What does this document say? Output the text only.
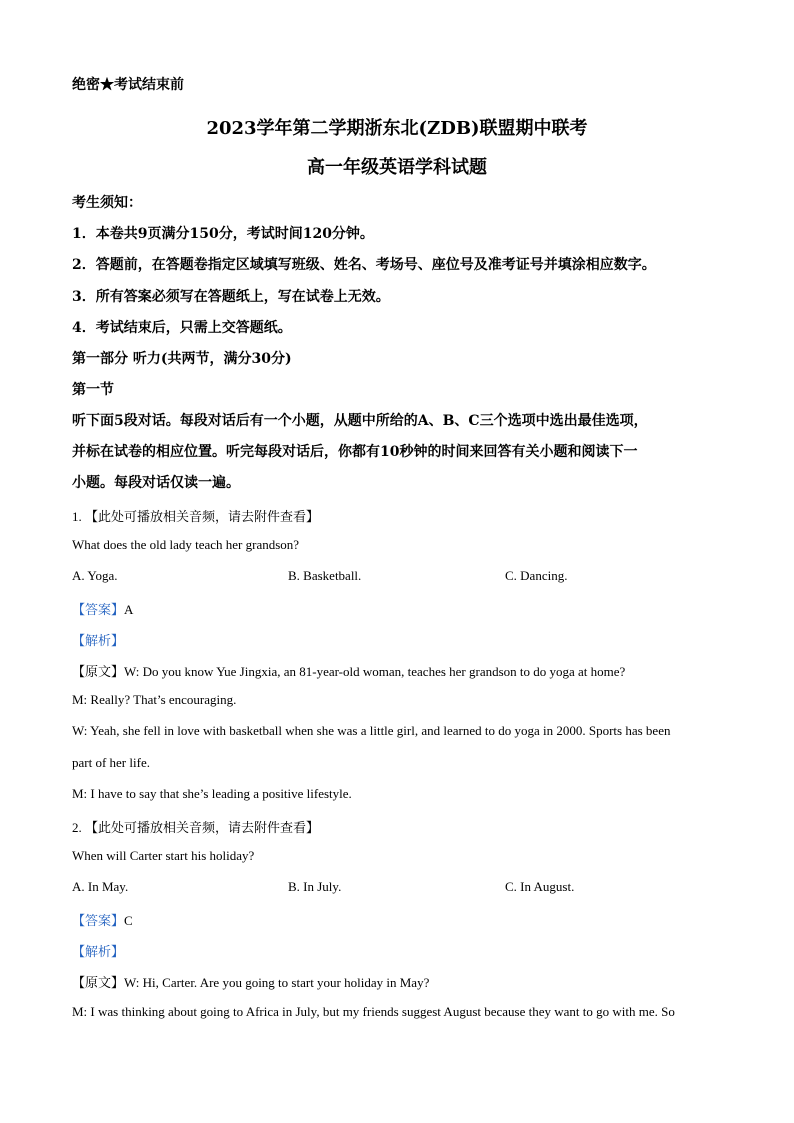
绝密★考试结束前
2023学年第二学期浙东北(ZDB)联盟期中联考
高一年级英语学科试题
考生须知：
1．本卷共9页满分150分，考试时间120分钟。
2．答题前，在答题卷指定区域填写班级、姓名、考场号、座位号及准考证号并填涂相应数字。
3．所有答案必须写在答题纸上，写在试卷上无效。
4．考试结束后，只需上交答题纸。
第一部分 听力(共两节，满分30分)
第一节
听下面5段对话。每段对话后有一个小题，从题中所给的A、B、C三个选项中选出最佳选项，
并标在试卷的相应位置。听完每段对话后，你都有10秒钟的时间来回答有关小题和阅读下一
小题。每段对话仅读一遍。
1. 【此处可播放相关音频，请去附件查看】
What does the old lady teach her grandson?
A. Yoga.	B. Basketball.	C. Dancing.
【答案】A
【解析】
【原文】W: Do you know Yue Jingxia, an 81-year-old woman, teaches her grandson to do yoga at home?
M: Really? That’s encouraging.
W: Yeah, she fell in love with basketball when she was a little girl, and learned to do yoga in 2000. Sports has been
part of her life.
M: I have to say that she’s leading a positive lifestyle.
2. 【此处可播放相关音频，请去附件查看】
When will Carter start his holiday?
A. In May.	B. In July.	C. In August.
【答案】C
【解析】
【原文】W: Hi, Carter. Are you going to start your holiday in May?
M: I was thinking about going to Africa in July, but my friends suggest August because they want to go with me. So
